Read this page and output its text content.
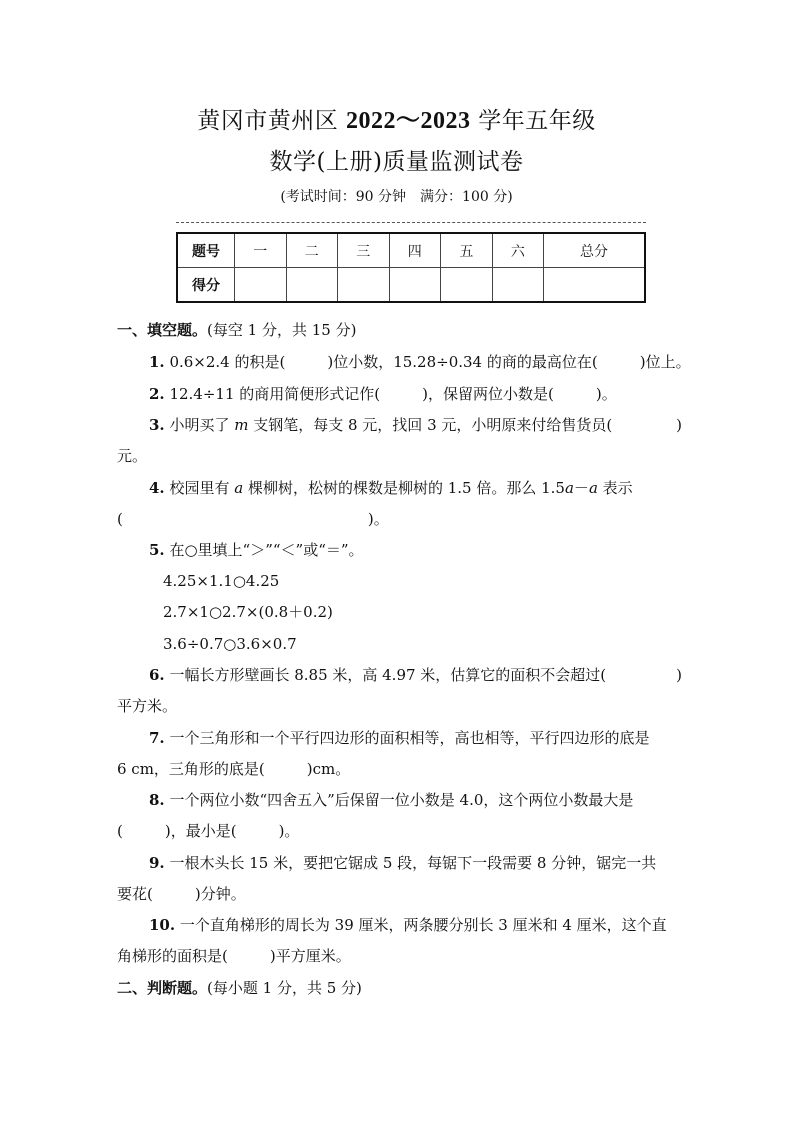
黄冈市黄州区 2022～2023 学年五年级
数学(上册)质量监测试卷
(考试时间：90 分钟　满分：100 分)
题号	一	二	三	四	五	六	总分
得分							
一、填空题。(每空 1 分，共 15 分)
1. 0.6×2.4 的积是(	)位小数，15.28÷0.34 的商的最高位在(	)位上。
2. 12.4÷11 的商用简便形式记作(	)，保留两位小数是(	)。
3. 小明买了 m 支钢笔，每支 8 元，找回 3 元，小明原来付给售货员(	)
元。
4. 校园里有 a 棵柳树，松树的棵数是柳树的 1.5 倍。那么 1.5a－a 表示
(	)。
5. 在○里填上“＞”“＜”或“＝”。
4.25×1.1○4.25
2.7×1○2.7×(0.8＋0.2)
3.6÷0.7○3.6×0.7
6. 一幅长方形壁画长 8.85 米，高 4.97 米，估算它的面积不会超过(	)
平方米。
7. 一个三角形和一个平行四边形的面积相等，高也相等，平行四边形的底是
6 cm，三角形的底是(	)cm。
8. 一个两位小数“四舍五入”后保留一位小数是 4.0，这个两位小数最大是
(	)，最小是(	)。
9. 一根木头长 15 米，要把它锯成 5 段，每锯下一段需要 8 分钟，锯完一共
要花(	)分钟。
10. 一个直角梯形的周长为 39 厘米，两条腰分别长 3 厘米和 4 厘米，这个直
角梯形的面积是(	)平方厘米。
二、判断题。(每小题 1 分，共 5 分)
